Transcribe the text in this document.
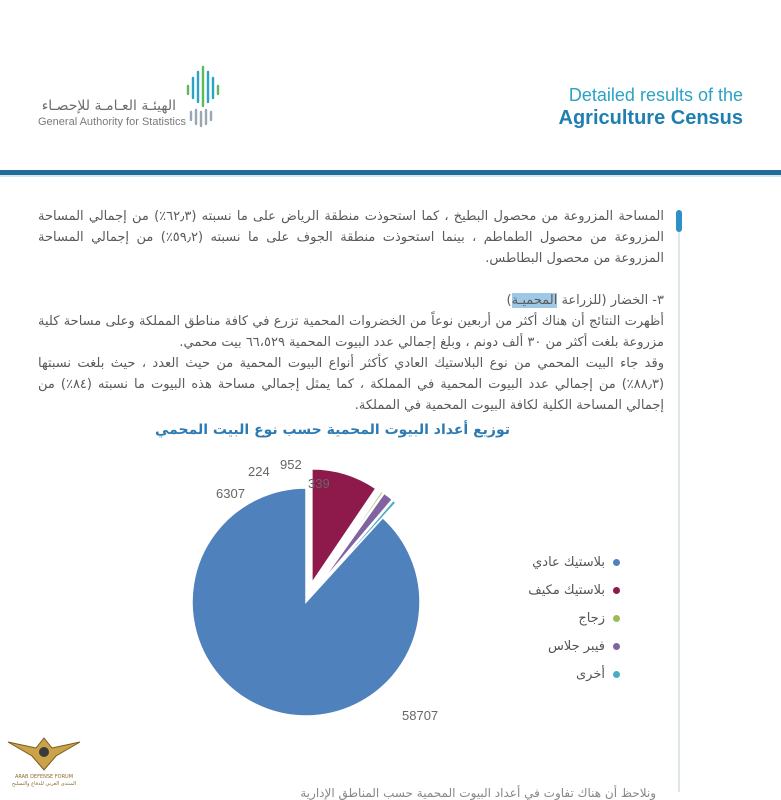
الهيئـة العـامـة للإحصـاء
General Authority for Statistics
Detailed results of the
Agriculture Census

المساحة المزروعة من محصول البطيخ ، كما استحوذت منطقة الرياض على ما نسبته (٦٢٫٣٪) من إجمالي المساحة المزروعة من محصول الطماطم ، بينما استحوذت منطقة الجوف على ما نسبته (٥٩٫٢٪) من إجمالي المساحة المزروعة من محصول البطاطس.

٣- الخضار (للزراعة المحميـة)

أظهرت النتائج أن هناك أكثر من أربعين نوعاً من الخضروات المحمية تزرع في كافة مناطق المملكة وعلى مساحة كلية مزروعة بلغت أكثر من ٣٠ ألف دونم ، وبلغ إجمالي عدد البيوت المحمية ٦٦،٥٢٩ بيت محمي.

وقد جاء البيت المحمي من نوع البلاستيك العادي كأكثر أنواع البيوت المحمية من حيث العدد ، حيث بلغت نسبتها (٨٨٫٣٪) من إجمالي عدد البيوت المحمية في المملكة ، كما يمثل إجمالي مساحة هذه البيوت ما نسبته (٨٤٪) من إجمالي المساحة الكلية لكافة البيوت المحمية في المملكة.

توزيع أعداد البيوت المحمية حسب نوع البيت المحمي
58707
6307
224 952
339
بلاستيك عادي
بلاستيك مكيف
زجاج
فيبر جلاس
أخرى
ARAB DEFENSE FORUM
المنتدى العربي للدفاع والتسليح
ونلاحظ أن هناك تفاوت في أعداد البيوت المحمية حسب المناطق الإدارية
